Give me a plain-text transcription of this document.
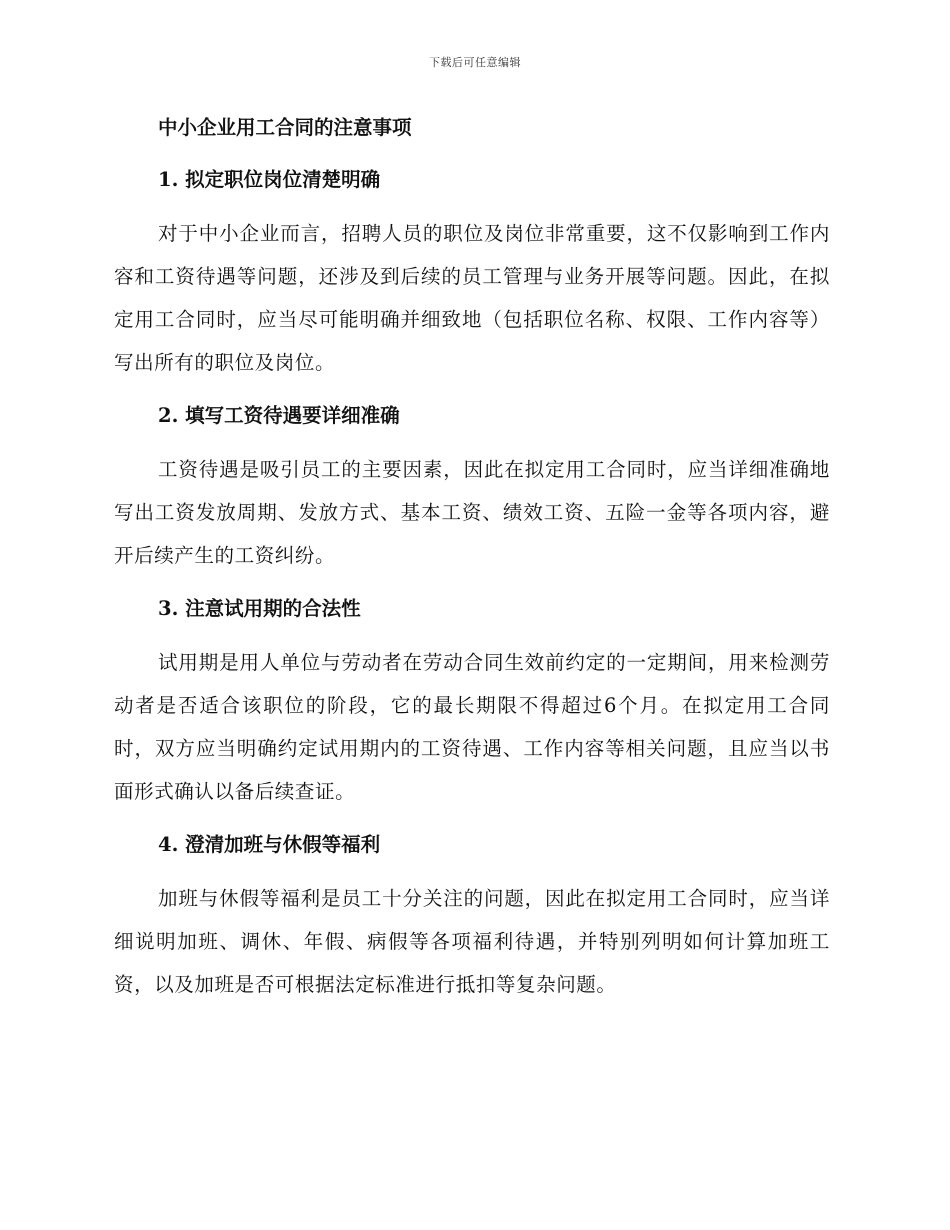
下载后可任意编辑
中小企业用工合同的注意事项
1. 拟定职位岗位清楚明确

对于中小企业而言，招聘人员的职位及岗位非常重要，这不仅影响到工作内容和工资待遇等问题，还涉及到后续的员工管理与业务开展等问题。因此，在拟定用工合同时，应当尽可能明确并细致地（包括职位名称、权限、工作内容等）写出所有的职位及岗位。

2. 填写工资待遇要详细准确

工资待遇是吸引员工的主要因素，因此在拟定用工合同时，应当详细准确地写出工资发放周期、发放方式、基本工资、绩效工资、五险一金等各项内容，避开后续产生的工资纠纷。

3. 注意试用期的合法性

试用期是用人单位与劳动者在劳动合同生效前约定的一定期间，用来检测劳动者是否适合该职位的阶段，它的最长期限不得超过6个月。在拟定用工合同时，双方应当明确约定试用期内的工资待遇、工作内容等相关问题，且应当以书面形式确认以备后续查证。

4. 澄清加班与休假等福利

加班与休假等福利是员工十分关注的问题，因此在拟定用工合同时，应当详细说明加班、调休、年假、病假等各项福利待遇，并特别列明如何计算加班工资，以及加班是否可根据法定标准进行抵扣等复杂问题。
